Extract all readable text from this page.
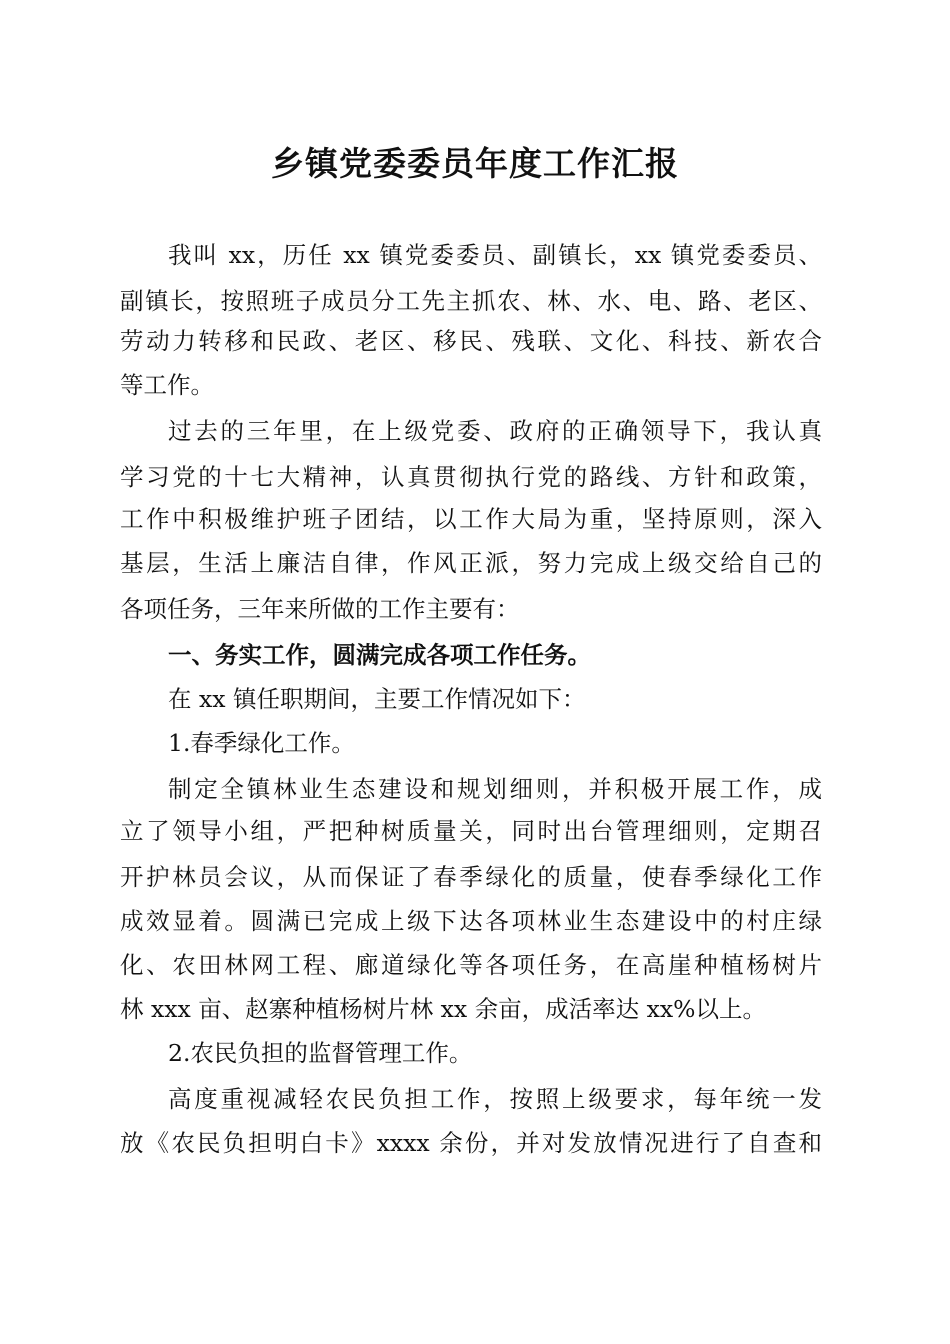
乡镇党委委员年度工作汇报
我叫 xx，历任 xx 镇党委委员、副镇长，xx 镇党委委员、
副镇长，按照班子成员分工先主抓农、林、水、电、路、老区、
劳动力转移和民政、老区、移民、残联、文化、科技、新农合
等工作。
过去的三年里，在上级党委、政府的正确领导下，我认真
学习党的十七大精神，认真贯彻执行党的路线、方针和政策，
工作中积极维护班子团结，以工作大局为重，坚持原则，深入
基层，生活上廉洁自律，作风正派，努力完成上级交给自己的
各项任务，三年来所做的工作主要有：
一、务实工作，圆满完成各项工作任务。
在 xx 镇任职期间，主要工作情况如下：
1.春季绿化工作。
制定全镇林业生态建设和规划细则，并积极开展工作，成
立了领导小组，严把种树质量关，同时出台管理细则，定期召
开护林员会议，从而保证了春季绿化的质量，使春季绿化工作
成效显着。圆满已完成上级下达各项林业生态建设中的村庄绿
化、农田林网工程、廊道绿化等各项任务，在高崖种植杨树片
林 xxx 亩、赵寨种植杨树片林 xx 余亩，成活率达 xx%以上。
2.农民负担的监督管理工作。
高度重视减轻农民负担工作，按照上级要求，每年统一发
放《农民负担明白卡》xxxx 余份，并对发放情况进行了自查和
